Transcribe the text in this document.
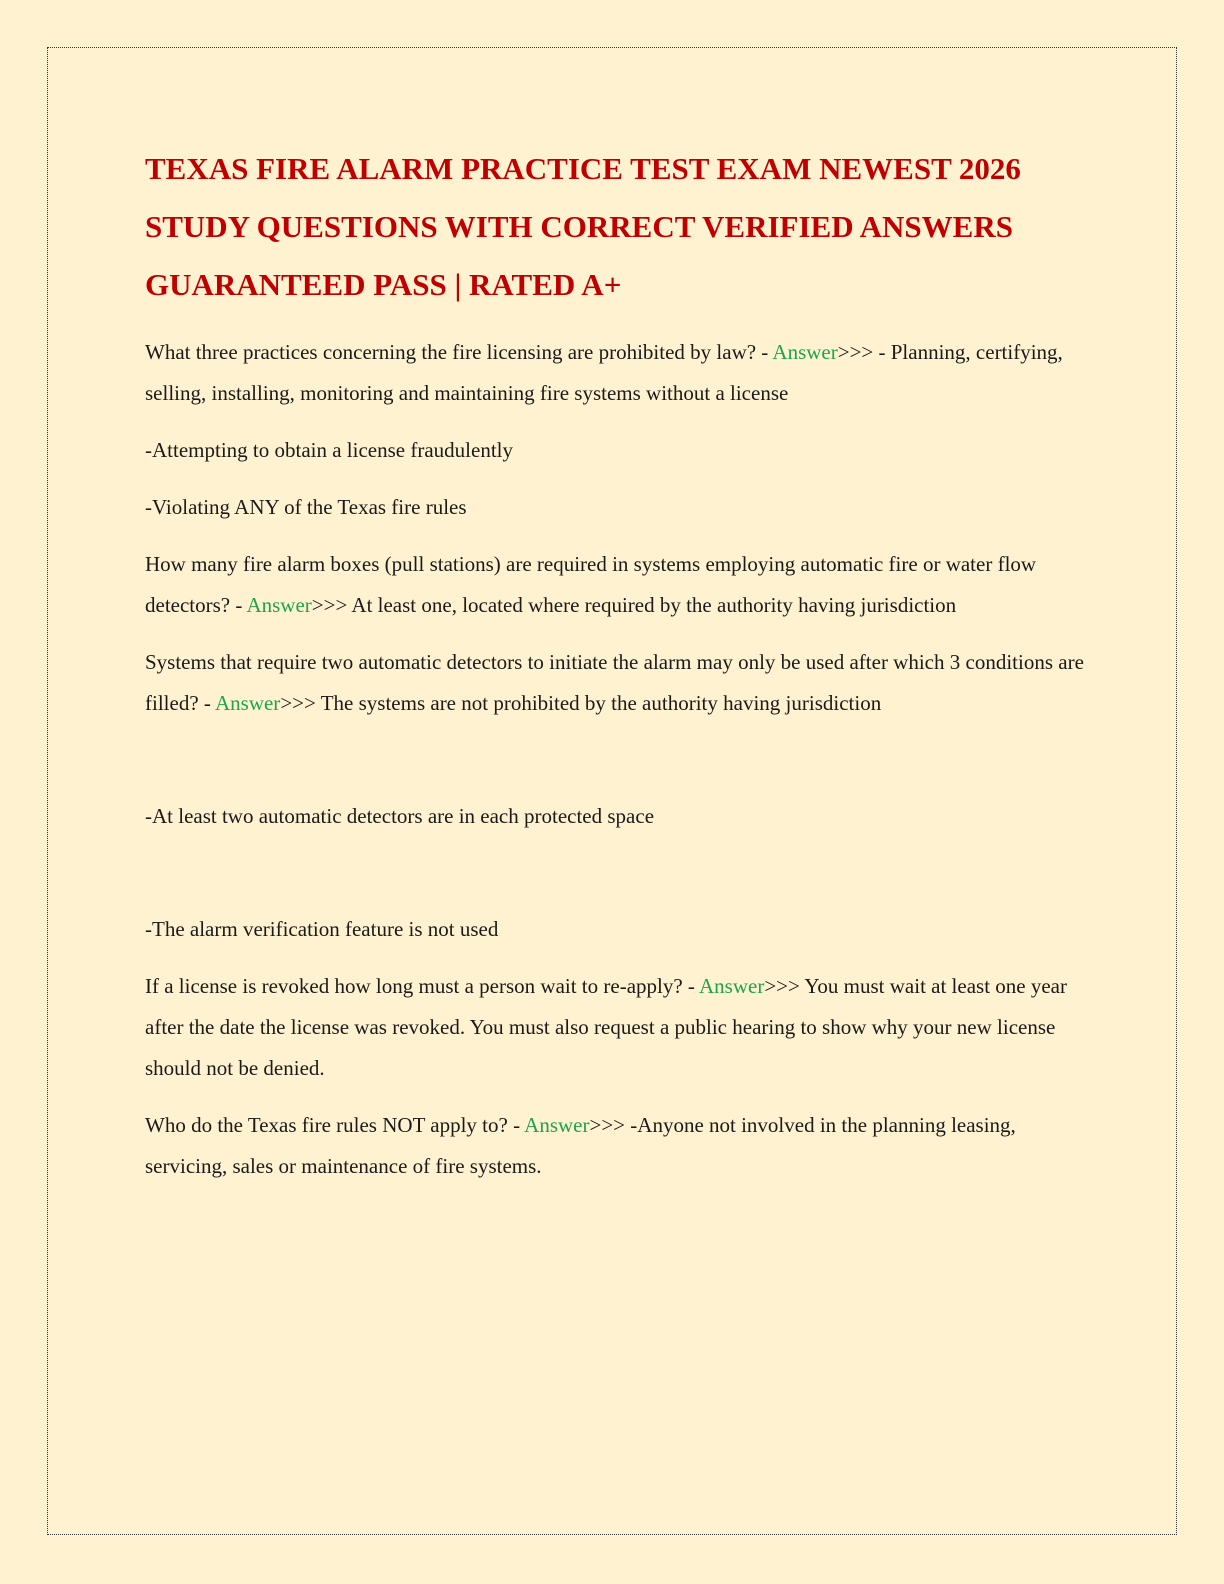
TEXAS FIRE ALARM PRACTICE TEST EXAM NEWEST 2026
STUDY QUESTIONS WITH CORRECT VERIFIED ANSWERS
GUARANTEED PASS | RATED A+

What three practices concerning the fire licensing are prohibited by law? - Answer>>> - Planning, certifying, selling, installing, monitoring and maintaining fire systems without a license

-Attempting to obtain a license fraudulently

-Violating ANY of the Texas fire rules

How many fire alarm boxes (pull stations) are required in systems employing automatic fire or water flow detectors? - Answer>>> At least one, located where required by the authority having jurisdiction

Systems that require two automatic detectors to initiate the alarm may only be used after which 3 conditions are filled? - Answer>>> The systems are not prohibited by the authority having jurisdiction

-At least two automatic detectors are in each protected space

-The alarm verification feature is not used

If a license is revoked how long must a person wait to re-apply? - Answer>>> You must wait at least one year after the date the license was revoked. You must also request a public hearing to show why your new license should not be denied.

Who do the Texas fire rules NOT apply to? - Answer>>> -Anyone not involved in the planning leasing, servicing, sales or maintenance of fire systems.
